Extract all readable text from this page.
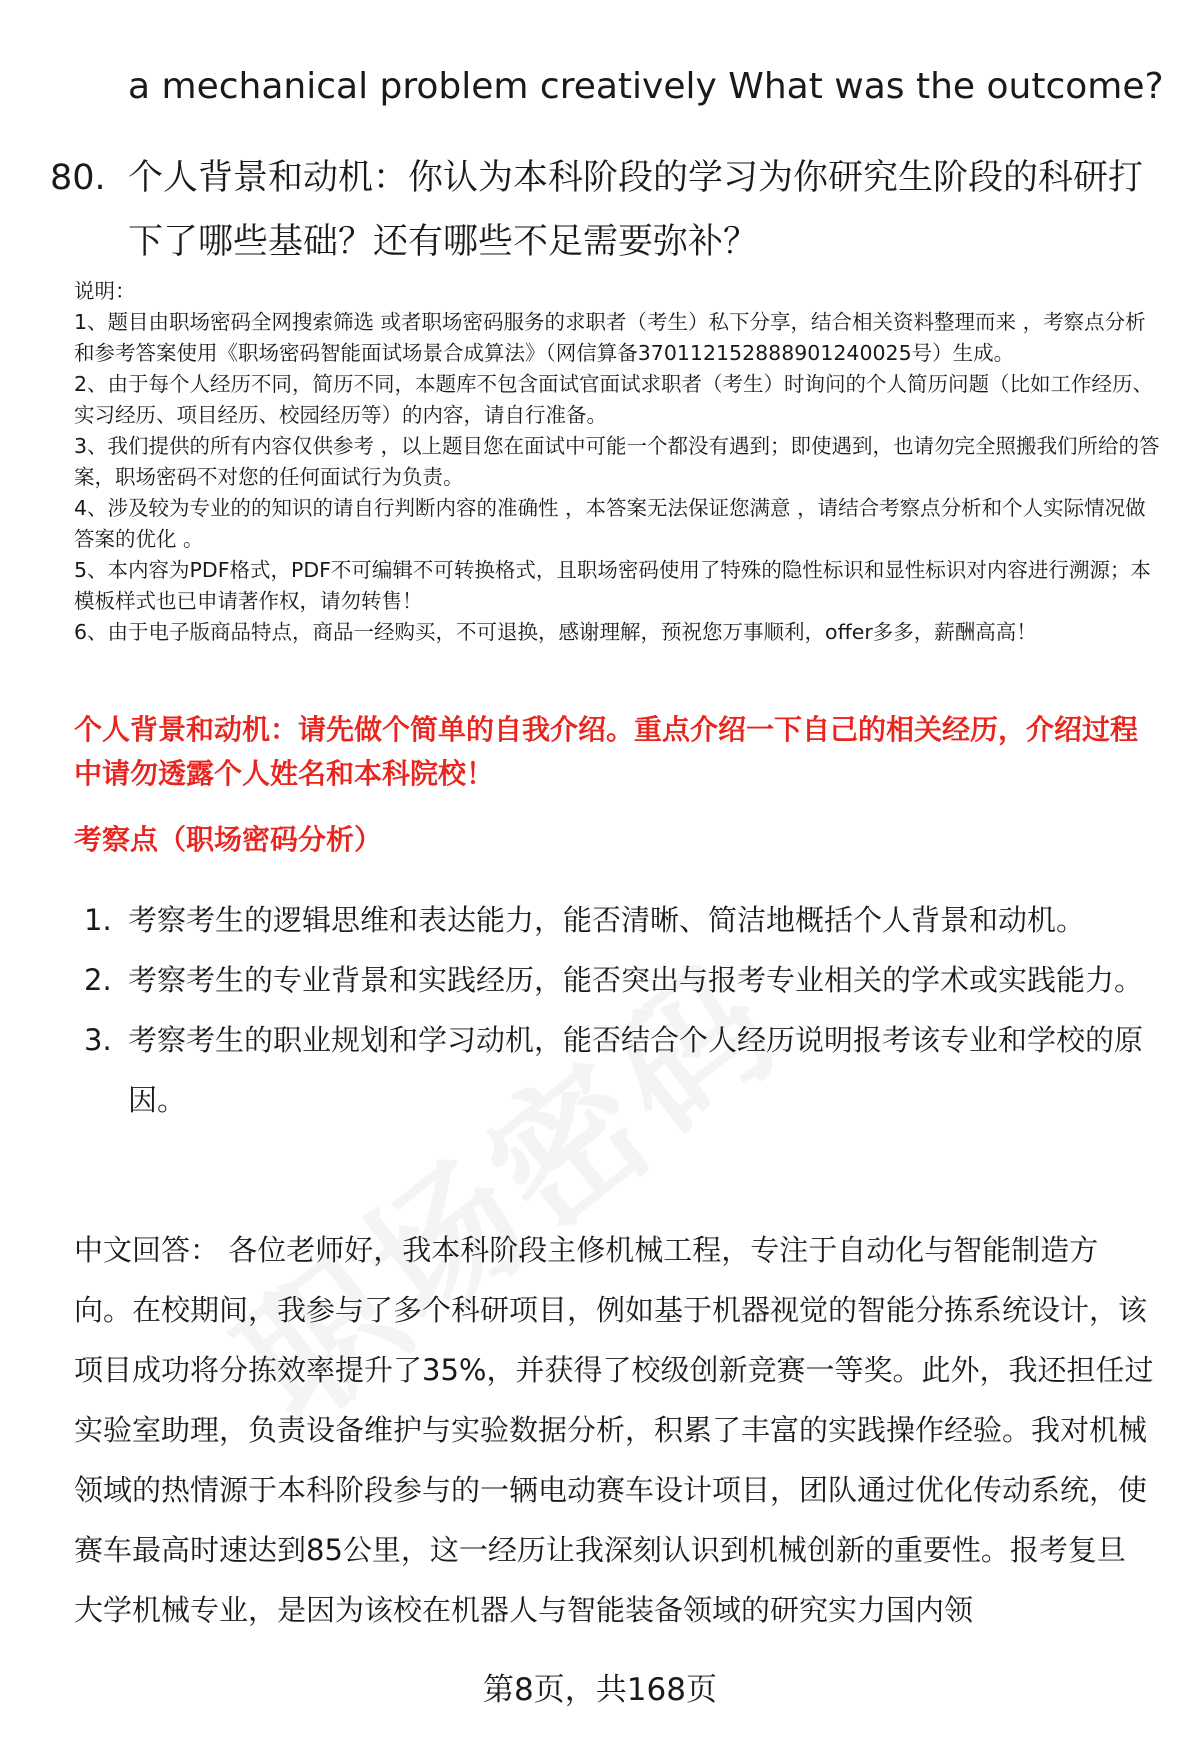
a mechanical problem creatively What was the outcome?
80. 个人背景和动机：你认为本科阶段的学习为你研究生阶段的科研打下了哪些基础？还有哪些不足需要弥补？

说明：

1、题目由职场密码全网搜索筛选 或者职场密码服务的求职者（考生）私下分享，结合相关资料整理而来 ，考察点分析和参考答案使用《职场密码智能面试场景合成算法》（网信算备370112152888901240025号）生成。

2、由于每个人经历不同，简历不同，本题库不包含面试官面试求职者（考生）时询问的个人简历问题（比如工作经历、实习经历、项目经历、校园经历等）的内容，请自行准备。

3、我们提供的所有内容仅供参考 ，以上题目您在面试中可能一个都没有遇到；即使遇到，也请勿完全照搬我们所给的答案，职场密码不对您的任何面试行为负责。

4、涉及较为专业的的知识的请自行判断内容的准确性 ，本答案无法保证您满意 ，请结合考察点分析和个人实际情况做答案的优化 。

5、本内容为PDF格式，PDF不可编辑不可转换格式，且职场密码使用了特殊的隐性标识和显性标识对内容进行溯源；本模板样式也已申请著作权，请勿转售！

6、由于电子版商品特点，商品一经购买，不可退换，感谢理解，预祝您万事顺利，offer多多，薪酬高高！

个人背景和动机：请先做个简单的自我介绍。重点介绍一下自己的相关经历，介绍过程中请勿透露个人姓名和本科院校！
考察点（职场密码分析）
1. 考察考生的逻辑思维和表达能力，能否清晰、简洁地概括个人背景和动机。
2. 考察考生的专业背景和实践经历，能否突出与报考专业相关的学术或实践能力。
3. 考察考生的职业规划和学习动机，能否结合个人经历说明报考该专业和学校的原因。
中文回答： 各位老师好，我本科阶段主修机械工程，专注于自动化与智能制造方向。在校期间，我参与了多个科研项目，例如基于机器视觉的智能分拣系统设计，该项目成功将分拣效率提升了35%，并获得了校级创新竞赛一等奖。此外，我还担任过实验室助理，负责设备维护与实验数据分析，积累了丰富的实践操作经验。我对机械领域的热情源于本科阶段参与的一辆电动赛车设计项目，团队通过优化传动系统，使赛车最高时速达到85公里，这一经历让我深刻认识到机械创新的重要性。报考复旦大学机械专业，是因为该校在机器人与智能装备领域的研究实力国内领
第8页，共168页
